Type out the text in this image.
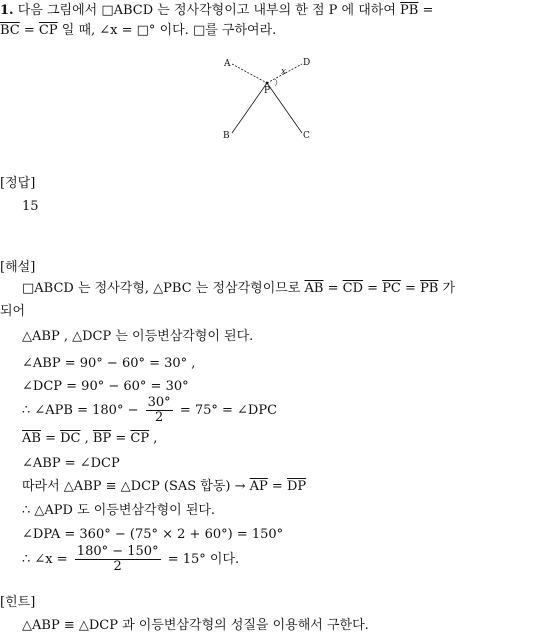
1. 다음 그림에서 □ABCD 는 정사각형이고 내부의 한 점 P 에 대하여 $\overline{PB}$ =
$\overline{BC} = \overline{CP}$ 일 때, ∠x = □° 이다. □를 구하여라.
A	D
P
B	C
x
[정답]
15
[해설]
□ABCD 는 정사각형, △PBC 는 정삼각형이므로 $\overline{AB} = \overline{CD} = \overline{PC} = \overline{PB}$ 가
되어
△ABP , △DCP 는 이등변삼각형이 된다.
∠ABP = 90° − 60° = 30° ,
∠DCP = 90° − 60° = 30°
∴ ∠APB = $180^\circ - \frac{30^\circ}{2} = 75^\circ$ = ∠DPC
$\overline{AB} = \overline{DC}$ , $\overline{BP} = \overline{CP}$ ,
∠ABP = ∠DCP
따라서 △ABP ≡ △DCP (SAS 합동) → $\overline{AP} = \overline{DP}$
∴ △APD 도 이등변삼각형이 된다.
∠DPA = 360° − (75° × 2 + 60°) = 150°
∴ ∠x = $\frac{180^\circ - 150^\circ}{2} = 15^\circ$ 이다.
[힌트]
△ABP ≡ △DCP 과 이등변삼각형의 성질을 이용해서 구한다.
